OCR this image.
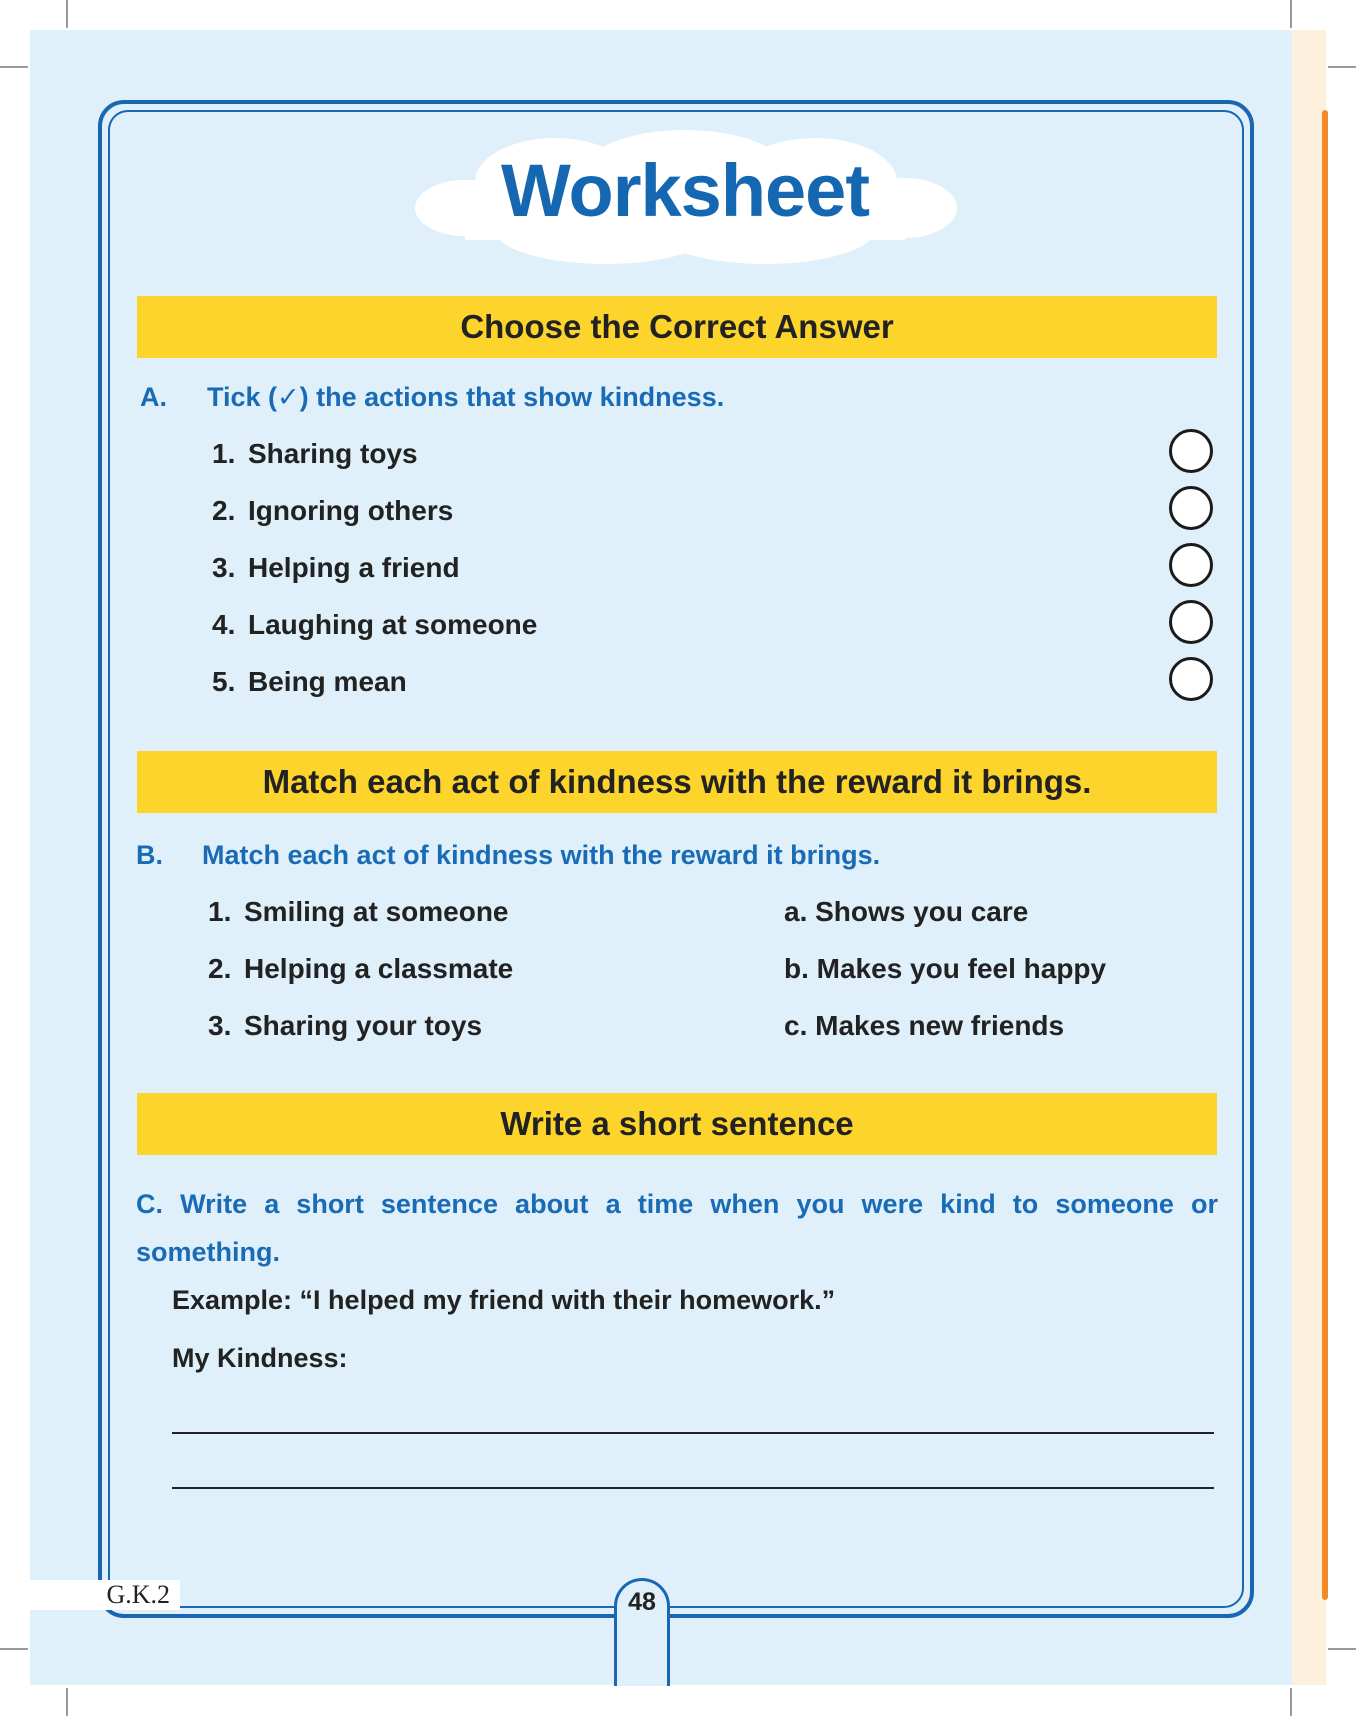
Worksheet
Choose the Correct Answer
A. Tick (✓) the actions that show kindness.
1. Sharing toys
2. Ignoring others
3. Helping a friend
4. Laughing at someone
5. Being mean
Match each act of kindness with the reward it brings.
B. Match each act of kindness with the reward it brings.
1. Smiling at someone
2. Helping a classmate
3. Sharing your toys
a. Shows you care
b. Makes you feel happy
c. Makes new friends
Write a short sentence
C. Write a short sentence about a time when you were kind to someone or something.
Example: “I helped my friend with their homework.”
My Kindness:
G.K.2	48
